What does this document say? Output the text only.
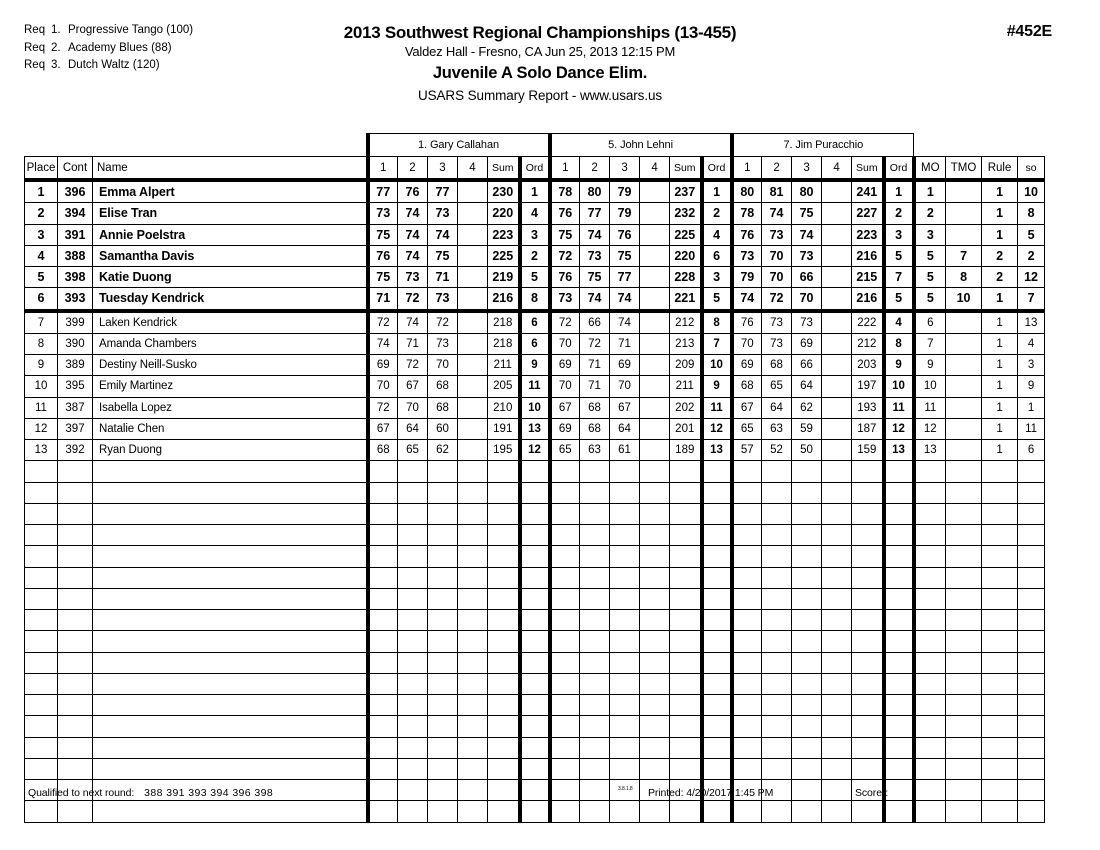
Req 1. Progressive Tango (100)
Req 2. Academy Blues (88)
Req 3. Dutch Waltz (120)
2013 Southwest Regional Championships (13-455)
Valdez Hall - Fresno, CA Jun 25, 2013 12:15 PM
Juvenile A Solo Dance Elim.
USARS Summary Report - www.usars.us
#452E
			1. Gary Callahan						5. John Lehni						7. Jim Puracchio									
Place	Cont	Name	1	2	3	4	Sum	Ord	1	2	3	4	Sum	Ord	1	2	3	4	Sum	Ord	MO	TMO	Rule	so
1	396	Emma Alpert	77	76	77		230	1	78	80	79		237	1	80	81	80		241	1	1		1	10
2	394	Elise Tran	73	74	73		220	4	76	77	79		232	2	78	74	75		227	2	2		1	8
3	391	Annie Poelstra	75	74	74		223	3	75	74	76		225	4	76	73	74		223	3	3		1	5
4	388	Samantha Davis	76	74	75		225	2	72	73	75		220	6	73	70	73		216	5	5	7	2	2
5	398	Katie Duong	75	73	71		219	5	76	75	77		228	3	79	70	66		215	7	5	8	2	12
6	393	Tuesday Kendrick	71	72	73		216	8	73	74	74		221	5	74	72	70		216	5	5	10	1	7
7	399	Laken Kendrick	72	74	72		218	6	72	66	74		212	8	76	73	73		222	4	6		1	13
8	390	Amanda Chambers	74	71	73		218	6	70	72	71		213	7	70	73	69		212	8	7		1	4
9	389	Destiny Neill-Susko	69	72	70		211	9	69	71	69		209	10	69	68	66		203	9	9		1	3
10	395	Emily Martinez	70	67	68		205	11	70	71	70		211	9	68	65	64		197	10	10		1	9
11	387	Isabella Lopez	72	70	68		210	10	67	68	67		202	11	67	64	62		193	11	11		1	1
12	397	Natalie Chen	67	64	60		191	13	69	68	64		201	12	65	63	59		187	12	12		1	11
13	392	Ryan Duong	68	65	62		195	12	65	63	61		189	13	57	52	50		159	13	13		1	6

Qualified to next round: 388 391 393 394 396 398	3.8.1.8 Printed: 4/20/2017 1:45 PM	Scorer:
